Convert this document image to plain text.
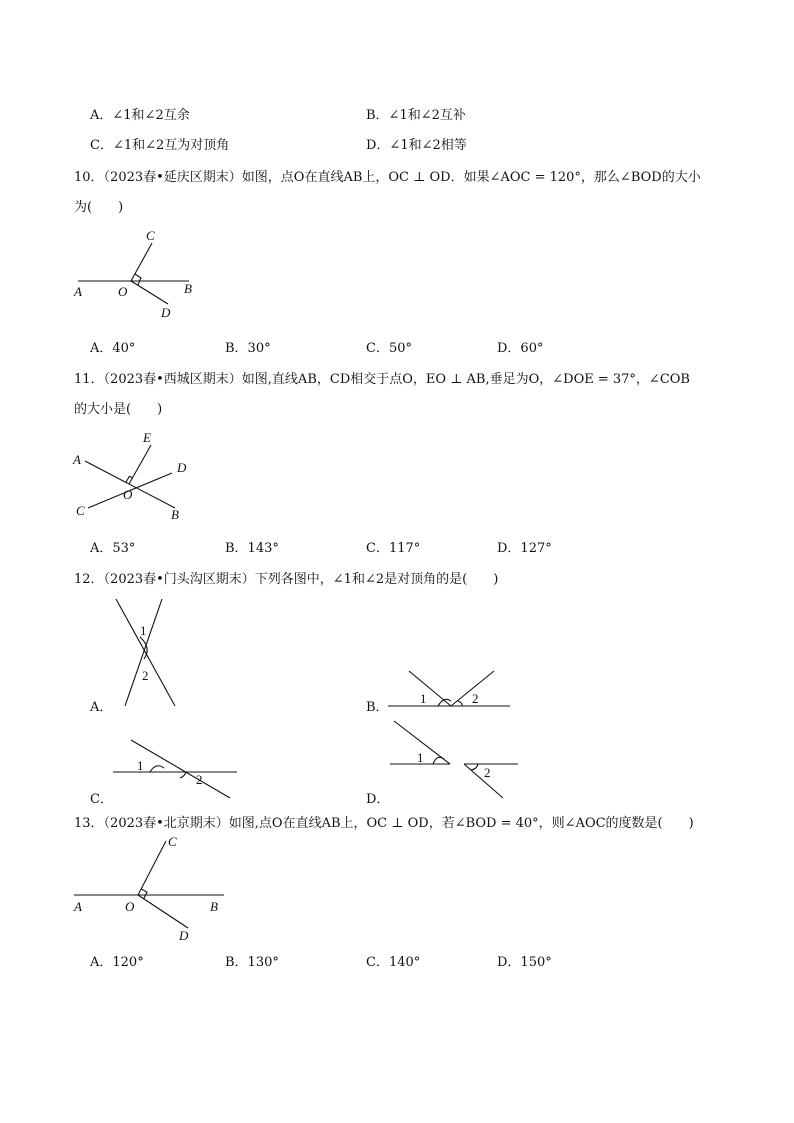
A．∠1和∠2互余	B．∠1和∠2互补
C．∠1和∠2互为对顶角	D．∠1和∠2相等
10．（2023春•延庆区期末）如图，点O在直线AB上，OC ⊥ OD．如果∠AOC = 120°，那么∠BOD的大小
为(　　)
C
A	O	B
D
A．40°	B．30°	C．50°	D．60°
11．（2023春•西城区期末）如图,直线AB，CD相交于点O，EO ⊥ AB,垂足为O，∠DOE = 37°，∠COB
的大小是(　　)
E
A
D
O
C	B
A．53°	B．143°	C．117°	D．127°
12．（2023春•门头沟区期末）下列各图中，∠1和∠2是对顶角的是(　　)
1
2
1	2
1
2
1
2
A．	B．
C．	D．
13．（2023春•北京期末）如图,点O在直线AB上，OC ⊥ OD，若∠BOD = 40°，则∠AOC的度数是(　　)
C
A	O	B
D
A．120°	B．130°	C．140°	D．150°
